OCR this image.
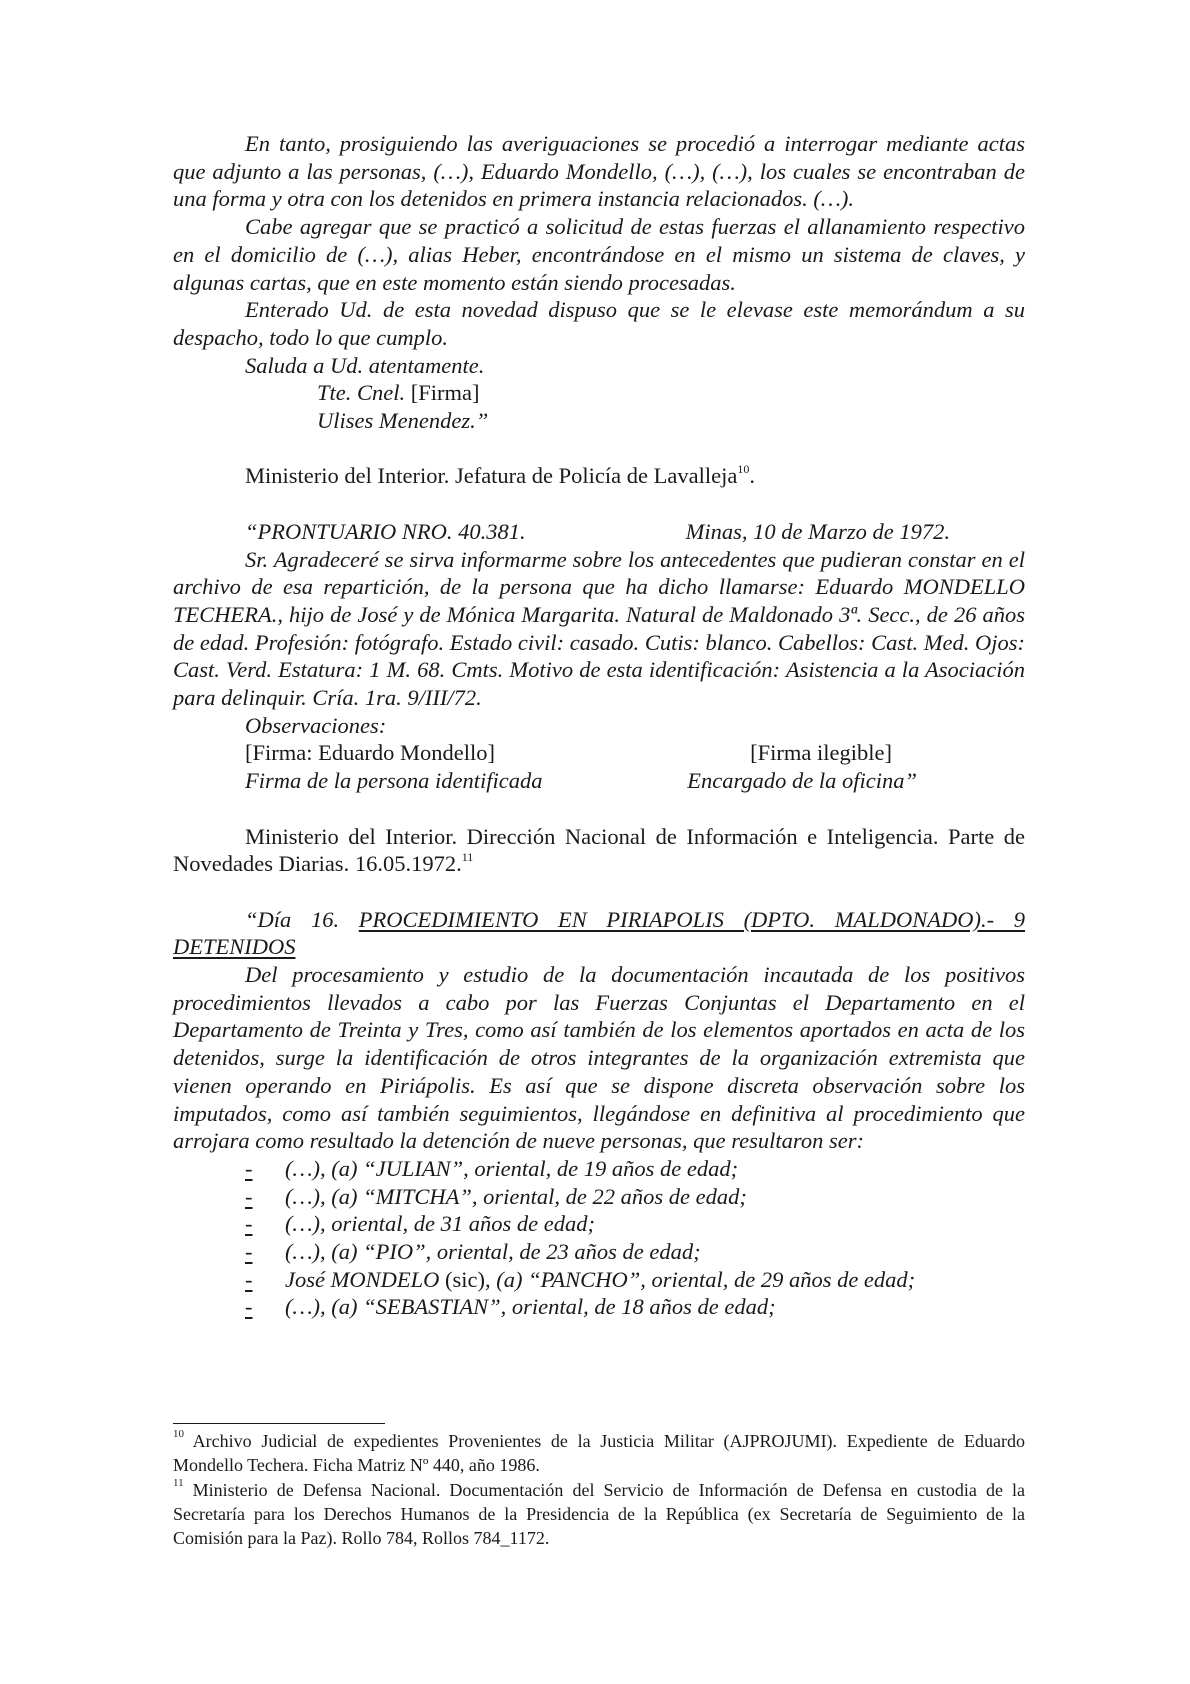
En tanto, prosiguiendo las averiguaciones se procedió a interrogar mediante actas que adjunto a las personas, (…), Eduardo Mondello, (…), (…), los cuales se encontraban de una forma y otra con los detenidos en primera instancia relacionados. (…).

Cabe agregar que se practicó a solicitud de estas fuerzas el allanamiento respectivo en el domicilio de (…), alias Heber, encontrándose en el mismo un sistema de claves, y algunas cartas, que en este momento están siendo procesadas.

Enterado Ud. de esta novedad dispuso que se le elevase este memorándum a su despacho, todo lo que cumplo.

Saluda a Ud. atentamente.

Tte. Cnel. [Firma]

Ulises Menendez.”

Ministerio del Interior. Jefatura de Policía de Lavalleja$^{10}$.

“PRONTUARIO NRO. 40.381.	Minas, 10 de Marzo de 1972.

Sr. Agradeceré se sirva informarme sobre los antecedentes que pudieran constar en el archivo de esa repartición, de la persona que ha dicho llamarse: Eduardo MONDELLO TECHERA., hijo de José y de Mónica Margarita. Natural de Maldonado 3ª. Secc., de 26 años de edad. Profesión: fotógrafo. Estado civil: casado. Cutis: blanco. Cabellos: Cast. Med. Ojos: Cast. Verd. Estatura: 1 M. 68. Cmts. Motivo de esta identificación: Asistencia a la Asociación para delinquir. Cría. 1ra. 9/III/72.

Observaciones:

[Firma: Eduardo Mondello]	[Firma ilegible]
Firma de la persona identificada	Encargado de la oficina”

Ministerio del Interior. Dirección Nacional de Información e Inteligencia. Parte de Novedades Diarias. 16.05.1972.11

“Día 16. PROCEDIMIENTO EN PIRIAPOLIS (DPTO. MALDONADO).- 9

DETENIDOS

Del procesamiento y estudio de la documentación incautada de los positivos procedimientos llevados a cabo por las Fuerzas Conjuntas el Departamento en el Departamento de Treinta y Tres, como así también de los elementos aportados en acta de los detenidos, surge la identificación de otros integrantes de la organización extremista que vienen operando en Piriápolis. Es así que se dispone discreta observación sobre los imputados, como así también seguimientos, llegándose en definitiva al procedimiento que arrojara como resultado la detención de nueve personas, que resultaron ser:

-	(…), (a) “JULIAN”, oriental, de 19 años de edad;
-	(…), (a) “MITCHA”, oriental, de 22 años de edad;
-	(…), oriental, de 31 años de edad;
-	(…), (a) “PIO”, oriental, de 23 años de edad;
-	José MONDELO (sic), (a) “PANCHO”, oriental, de 29 años de edad;
-	(…), (a) “SEBASTIAN”, oriental, de 18 años de edad;

$^{10}$ Archivo Judicial de expedientes Provenientes de la Justicia Militar (AJPROJUMI). Expediente de Eduardo Mondello Techera. Ficha Matriz Nº 440, año 1986.

$^{11}$ Ministerio de Defensa Nacional. Documentación del Servicio de Información de Defensa en custodia de la Secretaría para los Derechos Humanos de la Presidencia de la República (ex Secretaría de Seguimiento de la Comisión para la Paz). Rollo 784, Rollos 784_1172.
